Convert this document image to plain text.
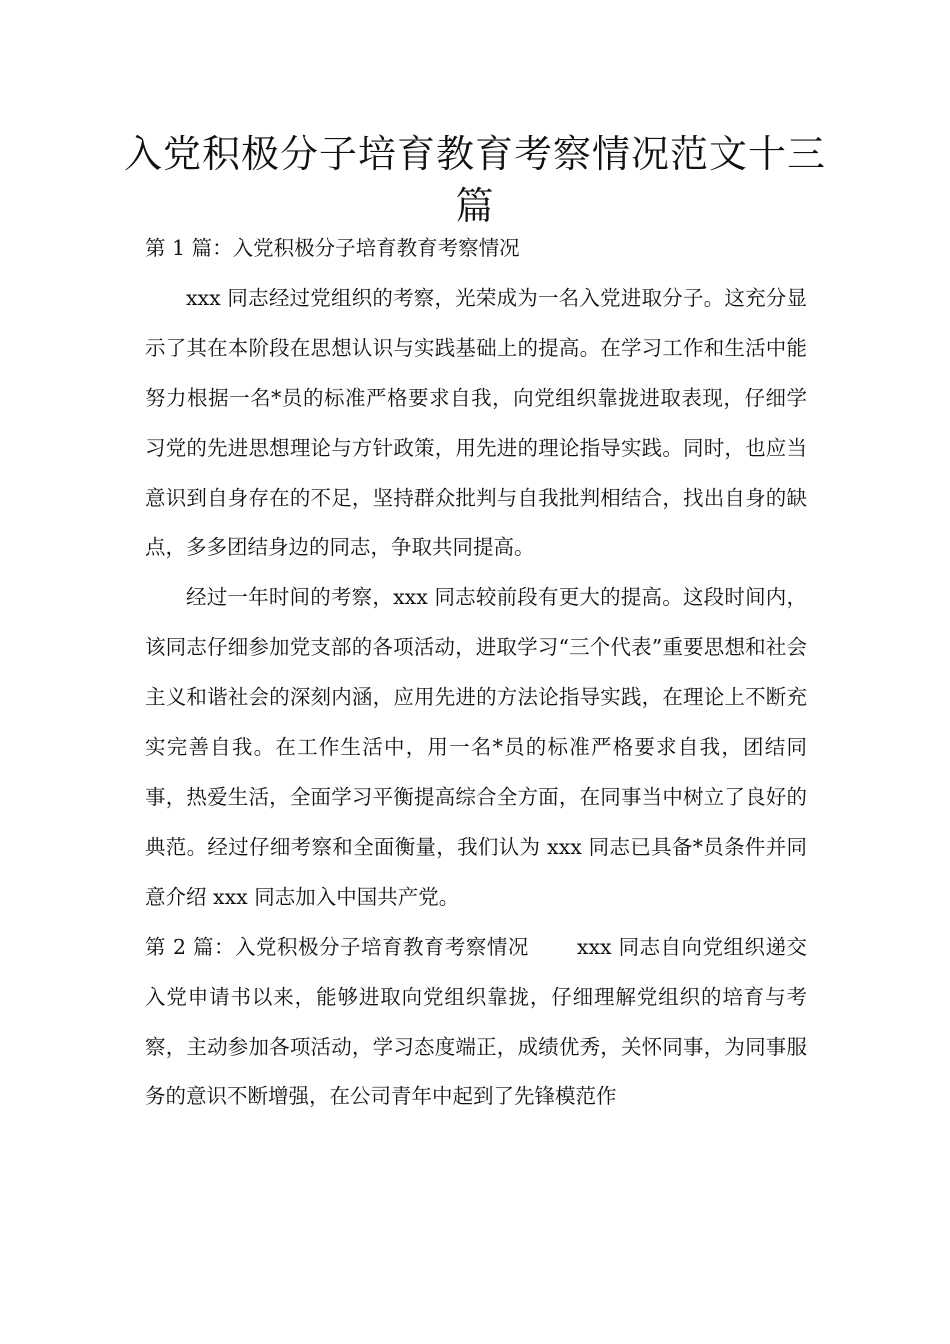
入党积极分子培育教育考察情况范文十三篇

第 1 篇：入党积极分子培育教育考察情况

xxx 同志经过党组织的考察，光荣成为一名入党进取分子。这充分显示了其在本阶段在思想认识与实践基础上的提高。在学习工作和生活中能努力根据一名*员的标准严格要求自我，向党组织靠拢进取表现，仔细学习党的先进思想理论与方针政策，用先进的理论指导实践。同时，也应当意识到自身存在的不足，坚持群众批判与自我批判相结合，找出自身的缺点，多多团结身边的同志，争取共同提高。

经过一年时间的考察，xxx 同志较前段有更大的提高。这段时间内，该同志仔细参加党支部的各项活动，进取学习“三个代表”重要思想和社会主义和谐社会的深刻内涵，应用先进的方法论指导实践，在理论上不断充实完善自我。在工作生活中，用一名*员的标准严格要求自我，团结同事，热爱生活，全面学习平衡提高综合全方面，在同事当中树立了良好的典范。经过仔细考察和全面衡量，我们认为 xxx 同志已具备*员条件并同意介绍 xxx 同志加入中国共产党。

第 2 篇：入党积极分子培育教育考察情况 xxx 同志自向党组织递交入党申请书以来，能够进取向党组织靠拢，仔细理解党组织的培育与考察，主动参加各项活动，学习态度端正，成绩优秀，关怀同事，为同事服务的意识不断增强，在公司青年中起到了先锋模范作
